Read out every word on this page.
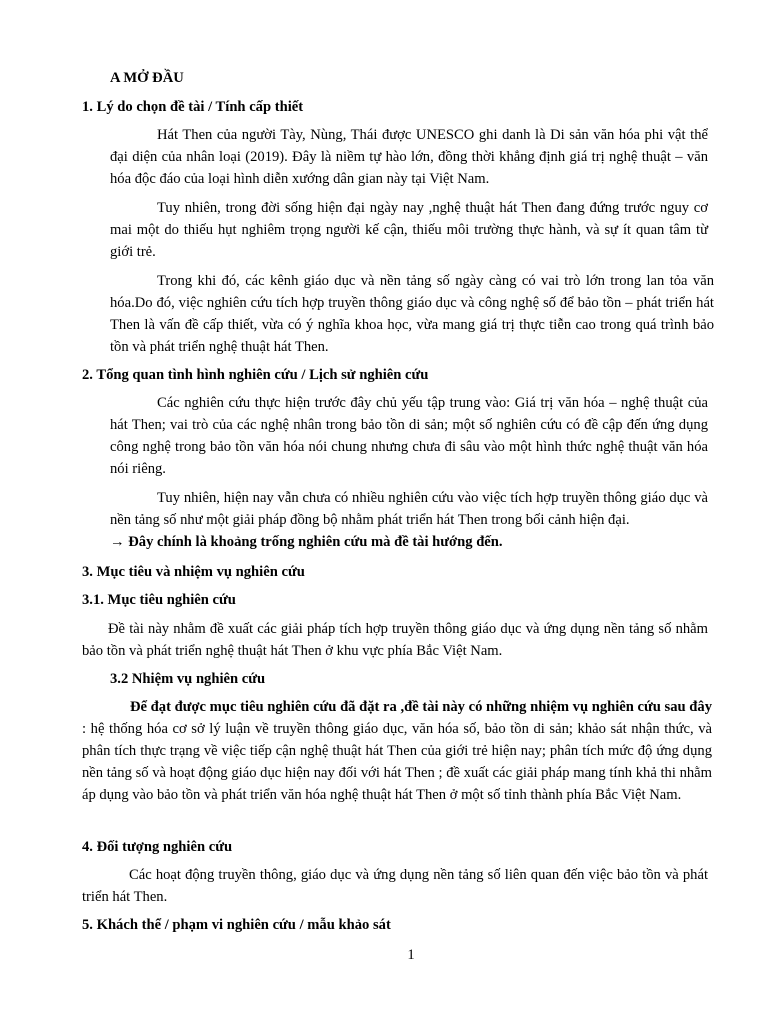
A MỞ ĐẦU
1. Lý do chọn đề tài / Tính cấp thiết
Hát Then của người Tày, Nùng, Thái được UNESCO ghi danh là Di sản văn hóa phi vật thể đại diện của nhân loại (2019). Đây là niềm tự hào lớn, đồng thời khẳng định giá trị nghệ thuật – văn hóa độc đáo của loại hình diễn xướng dân gian này tại Việt Nam.
Tuy nhiên, trong đời sống hiện đại ngày nay ,nghệ thuật hát Then đang đứng trước nguy cơ mai một do thiếu hụt nghiêm trọng người kế cận, thiếu môi trường thực hành, và sự ít quan tâm từ giới trẻ.
Trong khi đó, các kênh giáo dục và nền tảng số ngày càng có vai trò lớn trong lan tỏa văn hóa.Do đó, việc nghiên cứu tích hợp truyền thông giáo dục và công nghệ số để bảo tồn – phát triển hát Then là vấn đề cấp thiết, vừa có ý nghĩa khoa học, vừa mang giá trị thực tiễn cao trong quá trình bảo tồn và phát triển nghệ thuật hát Then.
2. Tổng quan tình hình nghiên cứu / Lịch sử nghiên cứu
Các nghiên cứu thực hiện trước đây chủ yếu tập trung vào: Giá trị văn hóa – nghệ thuật của hát Then; vai trò của các nghệ nhân trong bảo tồn di sản; một số nghiên cứu có đề cập đến ứng dụng công nghệ trong bảo tồn văn hóa nói chung nhưng chưa đi sâu vào một hình thức nghệ thuật văn hóa nói riêng.
Tuy nhiên, hiện nay vẫn chưa có nhiều nghiên cứu vào việc tích hợp truyền thông giáo dục và nền tảng số như một giải pháp đồng bộ nhằm phát triển hát Then trong bối cảnh hiện đại.
→ Đây chính là khoảng trống nghiên cứu mà đề tài hướng đến.
3. Mục tiêu và nhiệm vụ nghiên cứu
3.1. Mục tiêu nghiên cứu
Đề tài này nhằm đề xuất các giải pháp tích hợp truyền thông giáo dục và ứng dụng nền tảng số nhằm bảo tồn và phát triển nghệ thuật hát Then ở khu vực phía Bắc Việt Nam.
3.2 Nhiệm vụ nghiên cứu
Để đạt được mục tiêu nghiên cứu đã đặt ra ,đề tài này có những nhiệm vụ nghiên cứu sau đây : hệ thống hóa cơ sở lý luận về truyền thông giáo dục, văn hóa số, bảo tồn di sản; khảo sát nhận thức, và phân tích thực trạng về việc tiếp cận nghệ thuật hát Then của giới trẻ hiện nay; phân tích mức độ ứng dụng nền tảng số và hoạt động giáo dục hiện nay đối với hát Then ; đề xuất các giải pháp mang tính khả thi nhằm áp dụng vào bảo tồn và phát triển văn hóa nghệ thuật hát Then ở một số tỉnh thành phía Bắc Việt Nam.
4. Đối tượng nghiên cứu
Các hoạt động truyền thông, giáo dục và ứng dụng nền tảng số liên quan đến việc bảo tồn và phát triển hát Then.
5. Khách thể / phạm vi nghiên cứu / mẫu khảo sát
1
